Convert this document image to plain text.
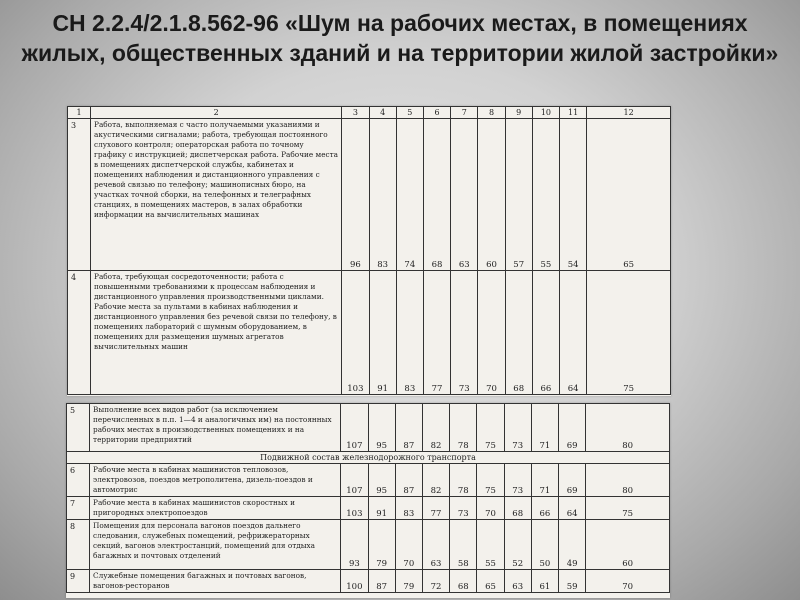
СН 2.2.4/2.1.8.562-96 «Шум на рабочих местах, в помещениях жилых, общественных зданий и на территории жилой застройки»
1	2	3	4	5	6	7	8	9	10	11	12
3	Работа, выполняемая с часто получаемыми указаниями и акустическими сигналами; работа, требующая постоянного слухового контроля; операторская работа по точному графику с инструкцией; диспетчерская работа. Рабочие места в помещениях диспетчерской службы, кабинетах и помещениях наблюдения и дистанционного управления с речевой связью по телефону; машинописных бюро, на участках точной сборки, на телефонных и телеграфных станциях, в помещениях мастеров, в залах обработки информации на вычислительных машинах	96	83	74	68	63	60	57	55	54	65
4	Работа, требующая сосредоточенности; работа с повышенными требованиями к процессам наблюдения и дистанционного управления производственными циклами. Рабочие места за пультами в кабинах наблюдения и дистанционного управления без речевой связи по телефону, в помещениях лабораторий с шумным оборудованием, в помещениях для размещения шумных агрегатов вычислительных машин	103	91	83	77	73	70	68	66	64	75
5	Выполнение всех видов работ (за исключением перечисленных в п.п. 1—4 и аналогичных им) на постоянных рабочих местах в производственных помещениях и на территории предприятий	107	95	87	82	78	75	73	71	69	80
Подвижной состав железнодорожного транспорта											
6	Рабочие места в кабинах машинистов тепловозов, электровозов, поездов метрополитена, дизель-поездов и автомотрис	107	95	87	82	78	75	73	71	69	80
7	Рабочие места в кабинах машинистов скоростных и пригородных электропоездов	103	91	83	77	73	70	68	66	64	75
8	Помещения для персонала вагонов поездов дальнего следования, служебных помещений, рефрижераторных секций, вагонов электростанций, помещений для отдыха багажных и почтовых отделений	93	79	70	63	58	55	52	50	49	60
9	Служебные помещения багажных и почтовых вагонов, вагонов-ресторанов	100	87	79	72	68	65	63	61	59	70
